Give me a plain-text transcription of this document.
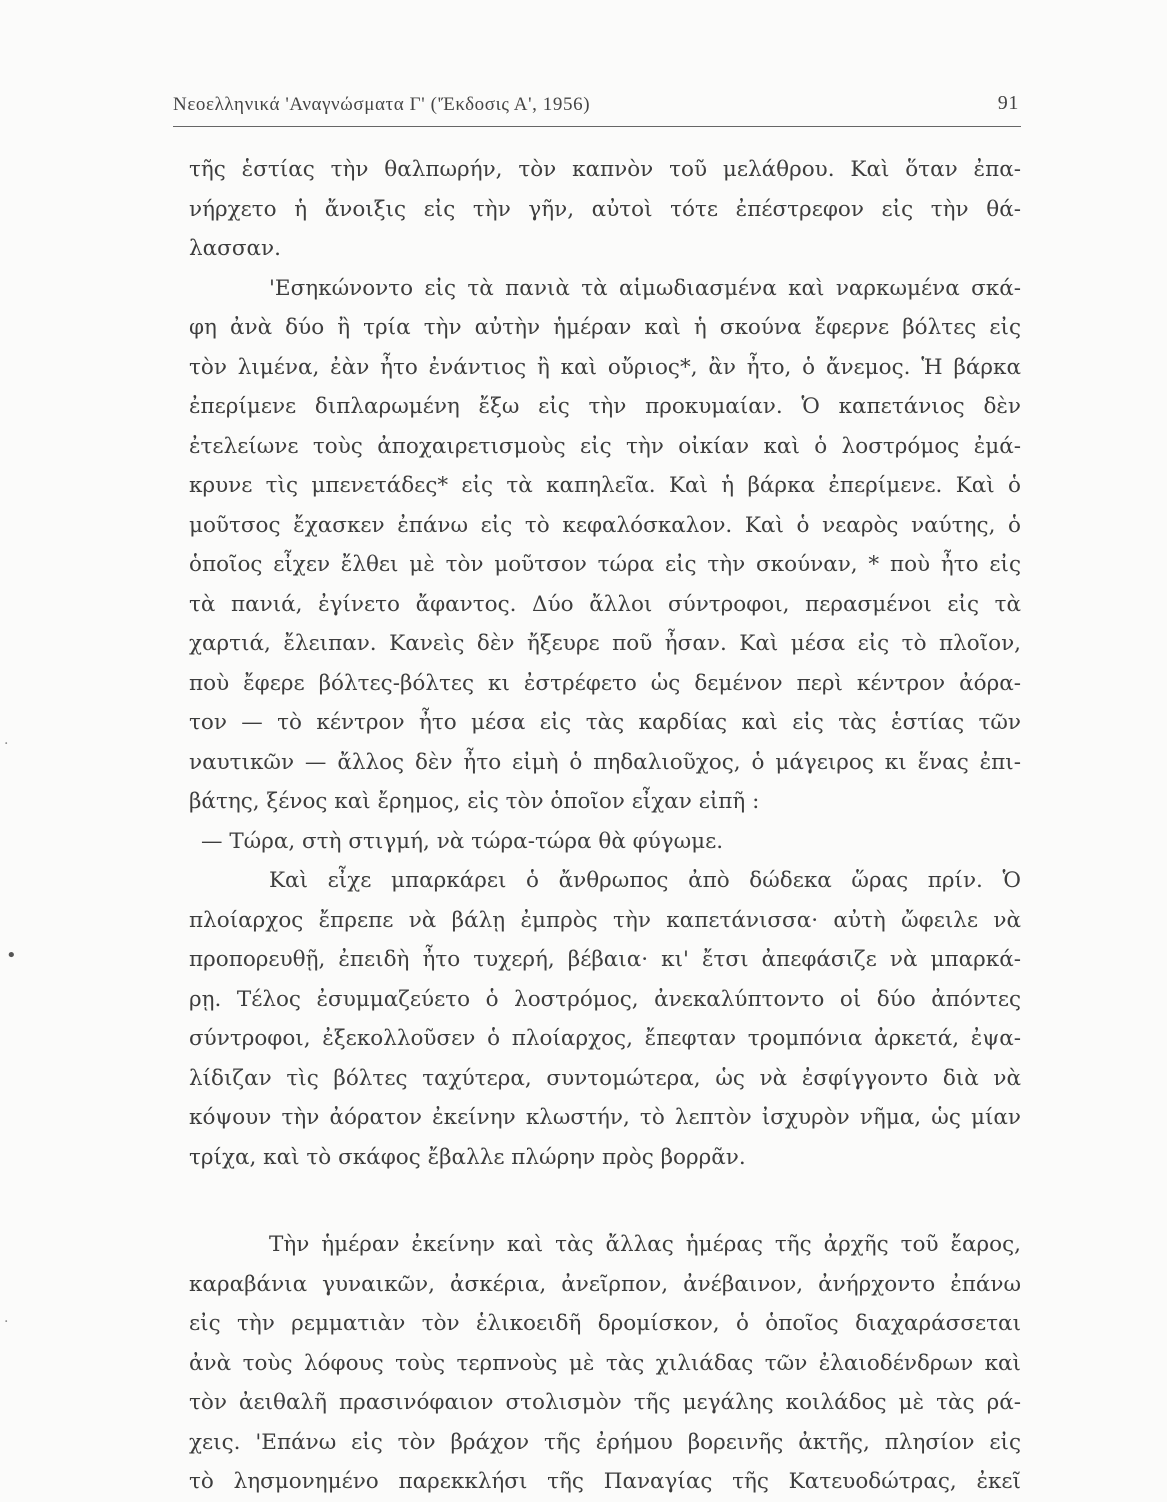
Νεοελληνικά 'Αναγνώσματα Γ' ('Έκδοσις Α', 1956)	91
τῆς ἑστίας τὴν θαλπωρήν, τὸν καπνὸν τοῦ μελάθρου. Καὶ ὅταν ἐπα-
νήρχετο ἡ ἄνοιξις εἰς τὴν γῆν, αὐτοὶ τότε ἐπέστρεφον εἰς τὴν θά-
λασσαν.
'Εσηκώνοντο εἰς τὰ πανιὰ τὰ αἱμωδιασμένα καὶ ναρκωμένα σκά-
φη ἀνὰ δύο ἢ τρία τὴν αὐτὴν ἡμέραν καὶ ἡ σκούνα ἔφερνε βόλτες εἰς
τὸν λιμένα, ἐὰν ἦτο ἐνάντιος ἢ καὶ οὔριος*, ἂν ἦτο, ὁ ἄνεμος. Ἡ βάρκα
ἐπερίμενε διπλαρωμένη ἔξω εἰς τὴν προκυμαίαν. Ὁ καπετάνιος δὲν
ἐτελείωνε τοὺς ἀποχαιρετισμοὺς εἰς τὴν οἰκίαν καὶ ὁ λοστρόμος ἐμά-
κρυνε τὶς μπενετάδες* εἰς τὰ καπηλεῖα. Καὶ ἡ βάρκα ἐπερίμενε. Καὶ ὁ
μοῦτσος ἔχασκεν ἐπάνω εἰς τὸ κεφαλόσκαλον. Καὶ ὁ νεαρὸς ναύτης, ὁ
ὁποῖος εἶχεν ἔλθει μὲ τὸν μοῦτσον τώρα εἰς τὴν σκούναν, * ποὺ ἦτο εἰς
τὰ πανιά, ἐγίνετο ἄφαντος. Δύο ἄλλοι σύντροφοι, περασμένοι εἰς τὰ
χαρτιά, ἔλειπαν. Κανεὶς δὲν ἤξευρε ποῦ ἦσαν. Καὶ μέσα εἰς τὸ πλοῖον,
ποὺ ἔφερε βόλτες-βόλτες κι ἐστρέφετο ὡς δεμένον περὶ κέντρον ἀόρα-
τον — τὸ κέντρον ἦτο μέσα εἰς τὰς καρδίας καὶ εἰς τὰς ἑστίας τῶν
ναυτικῶν — ἄλλος δὲν ἦτο εἰμὴ ὁ πηδαλιοῦχος, ὁ μάγειρος κι ἕνας ἐπι-
βάτης, ξένος καὶ ἔρημος, εἰς τὸν ὁποῖον εἶχαν εἰπῆ :
— Τώρα, στὴ στιγμή, νὰ τώρα-τώρα θὰ φύγωμε.
Καὶ εἶχε μπαρκάρει ὁ ἄνθρωπος ἀπὸ δώδεκα ὥρας πρίν. Ὁ
πλοίαρχος ἔπρεπε νὰ βάλῃ ἐμπρὸς τὴν καπετάνισσα· αὐτὴ ὤφειλε νὰ
προπορευθῇ, ἐπειδὴ ἦτο τυχερή, βέβαια· κι' ἔτσι ἀπεφάσιζε νὰ μπαρκά-
ρῃ. Τέλος ἐσυμμαζεύετο ὁ λοστρόμος, ἀνεκαλύπτοντο οἱ δύο ἀπόντες
σύντροφοι, ἐξεκολλοῦσεν ὁ πλοίαρχος, ἔπεφταν τρομπόνια ἀρκετά, ἐψα-
λίδιζαν τὶς βόλτες ταχύτερα, συντομώτερα, ὡς νὰ ἐσφίγγοντο διὰ νὰ
κόψουν τὴν ἀόρατον ἐκείνην κλωστήν, τὸ λεπτὸν ἰσχυρὸν νῆμα, ὡς μίαν
τρίχα, καὶ τὸ σκάφος ἔβαλλε πλώρην πρὸς βορρᾶν.
Τὴν ἡμέραν ἐκείνην καὶ τὰς ἄλλας ἡμέρας τῆς ἀρχῆς τοῦ ἔαρος,
καραβάνια γυναικῶν, ἀσκέρια, ἀνεῖρπον, ἀνέβαινον, ἀνήρχοντο ἐπάνω
εἰς τὴν ρεμματιὰν τὸν ἑλικοειδῆ δρομίσκον, ὁ ὁποῖος διαχαράσσεται
ἀνὰ τοὺς λόφους τοὺς τερπνοὺς μὲ τὰς χιλιάδας τῶν ἐλαιοδένδρων καὶ
τὸν ἀειθαλῆ πρασινόφαιον στολισμὸν τῆς μεγάλης κοιλάδος μὲ τὰς ρά-
χεις. 'Επάνω εἰς τὸν βράχον τῆς ἐρήμου βορεινῆς ἀκτῆς, πλησίον εἰς
τὸ λησμονημένο παρεκκλήσι τῆς Παναγίας τῆς Κατευοδώτρας, ἐκεῖ
·
·
•
